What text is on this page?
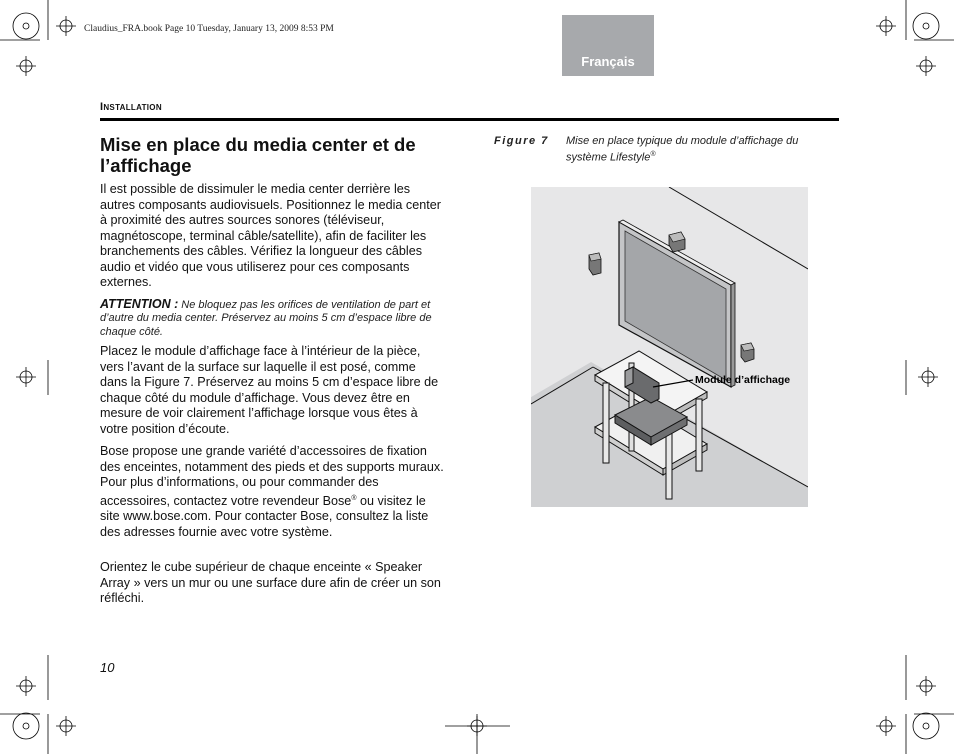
Claudius_FRA.book Page 10 Tuesday, January 13, 2009 8:53 PM
Français
Installation
Mise en place du media center et de l’affichage
Il est possible de dissimuler le media center derrière les autres composants audiovisuels. Positionnez le media center à proximité des autres sources sonores (téléviseur, magnétoscope, terminal câble/satellite), afin de faciliter les branchements des câbles. Vérifiez la longueur des câbles audio et vidéo que vous utiliserez pour ces composants externes.
ATTENTION : Ne bloquez pas les orifices de ventilation de part et d’autre du media center. Préservez au moins 5 cm d’espace libre de chaque côté.
Placez le module d’affichage face à l’intérieur de la pièce, vers l’avant de la surface sur laquelle il est posé, comme dans la Figure 7. Préservez au moins 5 cm d’espace libre de chaque côté du module d’affichage. Vous devez être en mesure de voir clairement l’affichage lorsque vous êtes à votre position d’écoute.
Bose propose une grande variété d’accessoires de fixation des enceintes, notamment des pieds et des supports muraux. Pour plus d’informations, ou pour commander des accessoires, contactez votre revendeur Bose® ou visitez le site www.bose.com. Pour contacter Bose, consultez la liste des adresses fournie avec votre système.
Orientez le cube supérieur de chaque enceinte « Speaker Array » vers un mur ou une surface dure afin de créer un son réfléchi.
10
Figure 7 Mise en place typique du module d’affichage du système Lifestyle®
Module d’affichage
